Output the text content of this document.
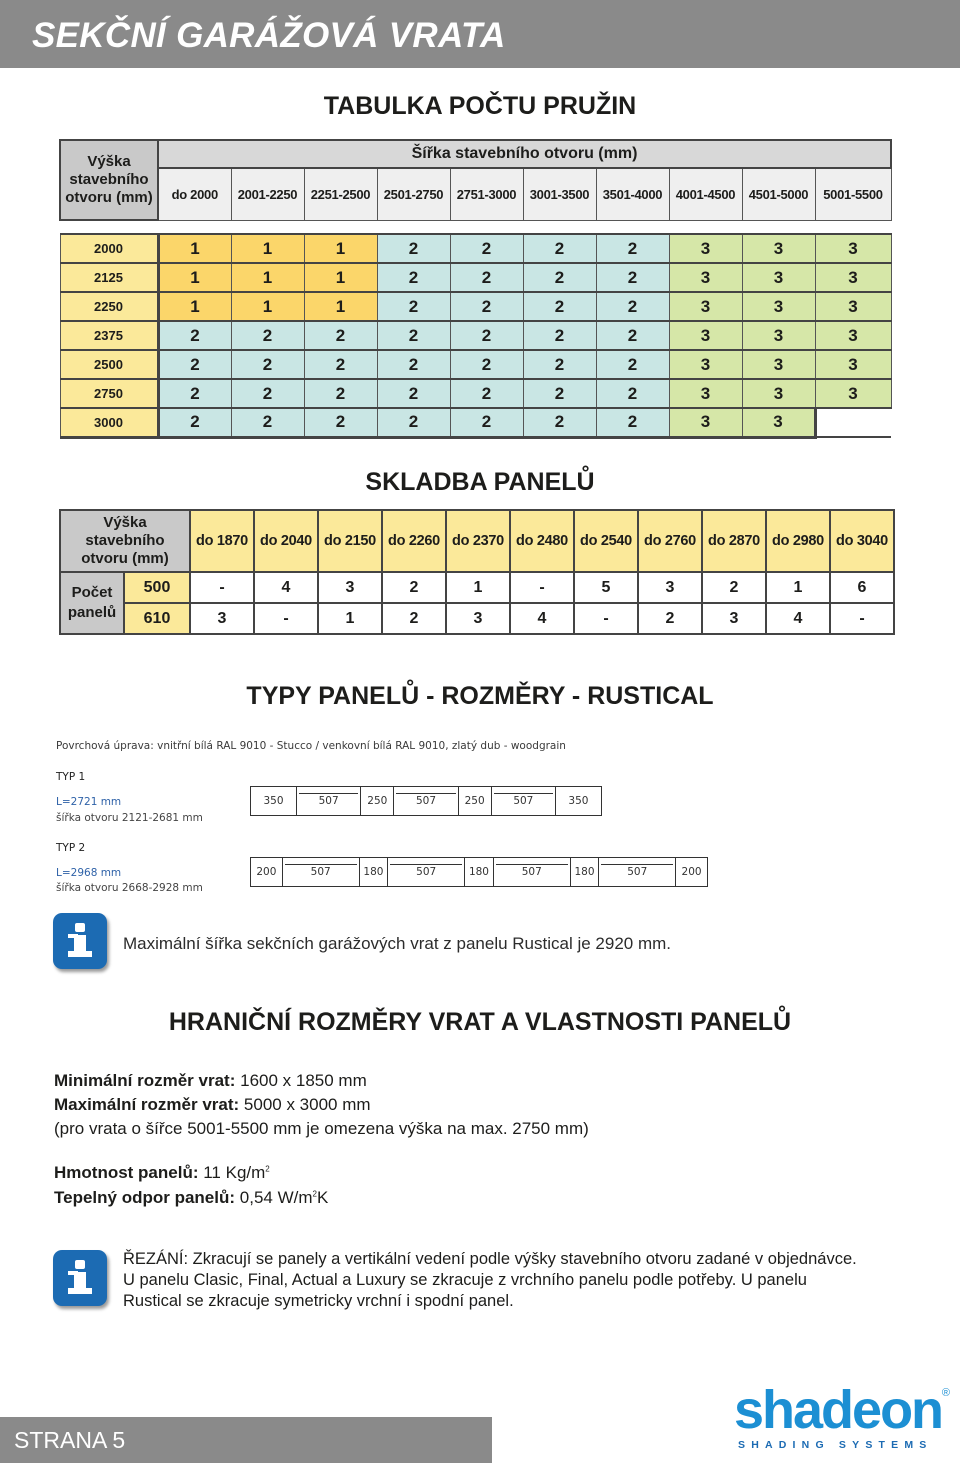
SEKČNÍ GARÁŽOVÁ VRATA
TABULKA POČTU PRUŽIN
Výška
stavebního
otvoru (mm)	Šířka stavebního otvoru (mm)									
	do 2000	2001-2250	2251-2500	2501-2750	2751-3000	3001-3500	3501-4000	4001-4500	4501-5000	5001-5500

2000	1	1	1	2	2	2	2	3	3	3
2125	1	1	1	2	2	2	2	3	3	3
2250	1	1	1	2	2	2	2	3	3	3
2375	2	2	2	2	2	2	2	3	3	3
2500	2	2	2	2	2	2	2	3	3	3
2750	2	2	2	2	2	2	2	3	3	3
3000	2	2	2	2	2	2	2	3	3	
SKLADBA PANELŮ
Výška
stavebního
otvoru (mm)		do 1870	do 2040	do 2150	do 2260	do 2370	do 2480	do 2540	do 2760	do 2870	do 2980	do 3040

Počet
panelů	500	-	4	3	2	1	-	5	3	2	1	6
	610	3	-	1	2	3	4	-	2	3	4	-
TYPY PANELŮ - ROZMĚRY - RUSTICAL
Povrchová úprava: vnitřní bílá RAL 9010 - Stucco / venkovní bílá RAL 9010, zlatý dub - woodgrain
TYP 1
L=2721 mm
šířka otvoru 2121-2681 mm
350	507	250	507	250	507	350
TYP 2
L=2968 mm
šířka otvoru 2668-2928 mm
200	507	180	507	180	507	180	507	200
Maximální šířka sekčních garážových vrat z panelu Rustical je 2920 mm.
HRANIČNÍ ROZMĚRY VRAT A VLASTNOSTI PANELŮ
Minimální rozměr vrat: 1600 x 1850 mm
Maximální rozměr vrat: 5000 x 3000 mm
(pro vrata o šířce 5001-5500 mm je omezena výška na max. 2750 mm)
Hmotnost panelů: 11 $Kg/m^2$
Tepelný odpor panelů: 0,54 $W/m^2K$
ŘEZÁNÍ: Zkracují se panely a vertikální vedení podle výšky stavebního otvoru zadané v objednávce. U panelu Clasic, Final, Actual a Luxury se zkracuje z vrchního panelu podle potřeby. U panelu Rustical se zkracuje symetricky vrchní i spodní panel.
STRANA 5	shadeon ®
SHADING SYSTEMS
